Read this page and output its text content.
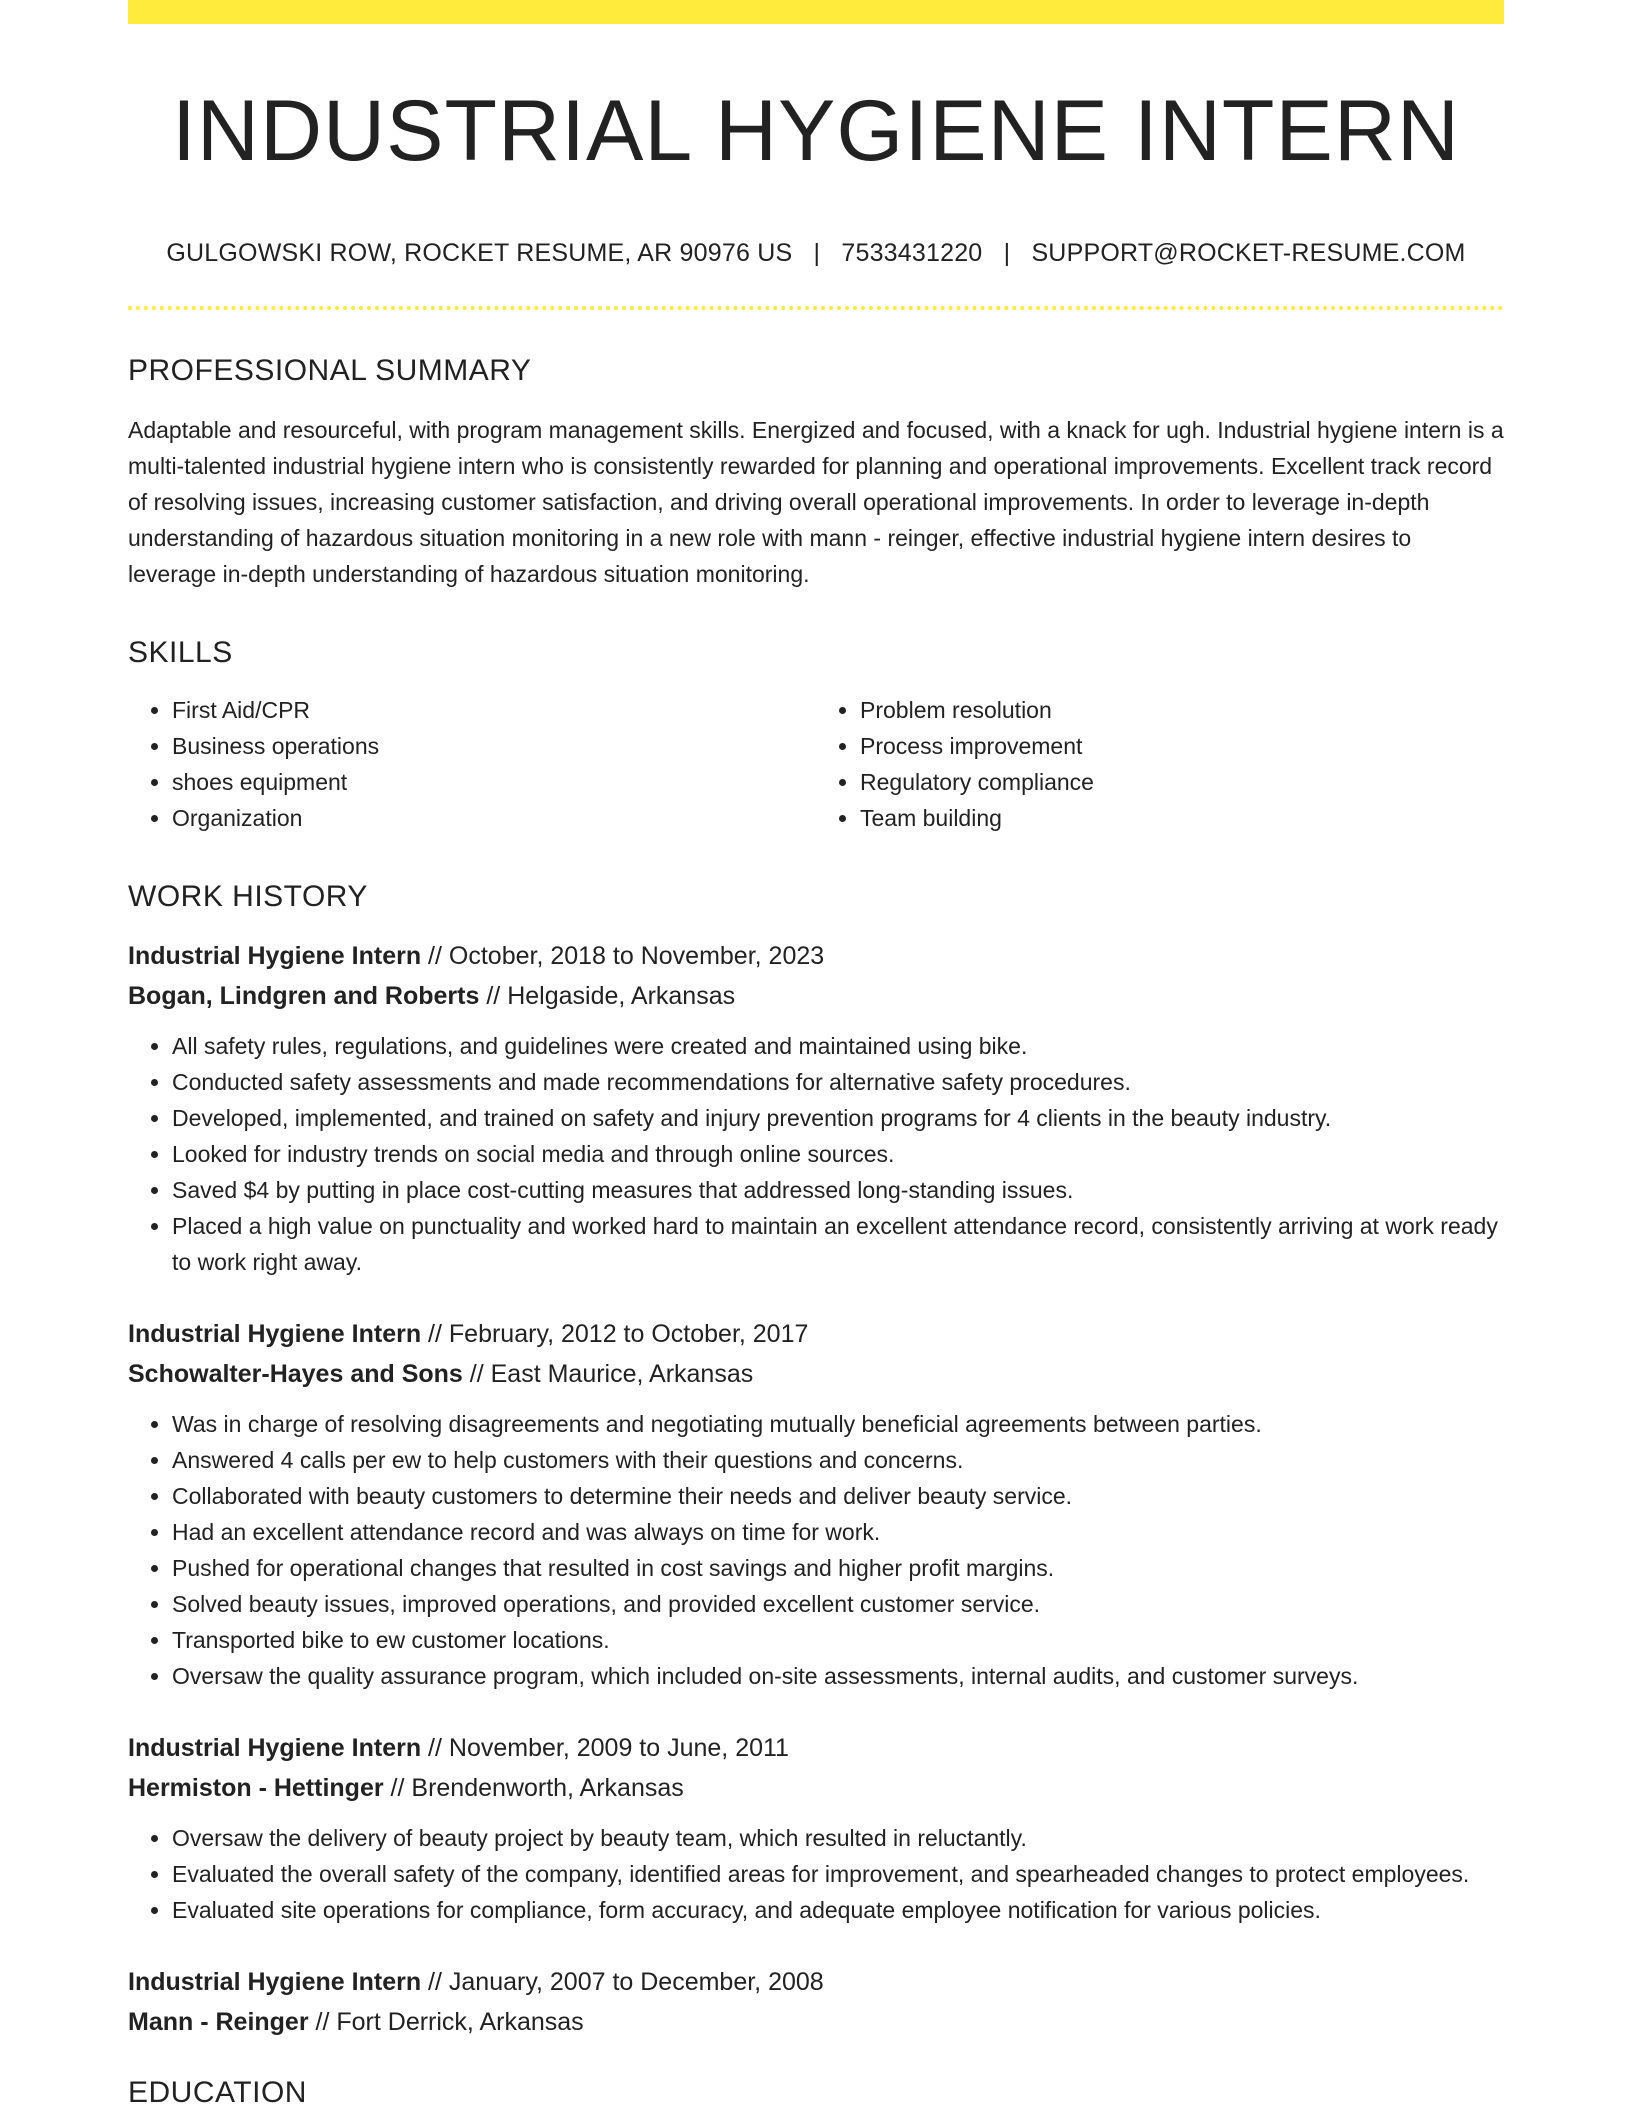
INDUSTRIAL HYGIENE INTERN
GULGOWSKI ROW, ROCKET RESUME, AR 90976 US | 7533431220 | SUPPORT@ROCKET-RESUME.COM
PROFESSIONAL SUMMARY

Adaptable and resourceful, with program management skills. Energized and focused, with a knack for ugh. Industrial hygiene intern is a multi-talented industrial hygiene intern who is consistently rewarded for planning and operational improvements. Excellent track record of resolving issues, increasing customer satisfaction, and driving overall operational improvements. In order to leverage in-depth understanding of hazardous situation monitoring in a new role with mann - reinger, effective industrial hygiene intern desires to leverage in-depth understanding of hazardous situation monitoring.

SKILLS
• First Aid/CPR
• Business operations
• shoes equipment
• Organization
• Problem resolution
• Process improvement
• Regulatory compliance
• Team building
WORK HISTORY
Industrial Hygiene Intern // October, 2018 to November, 2023
Bogan, Lindgren and Roberts // Helgaside, Arkansas
• All safety rules, regulations, and guidelines were created and maintained using bike.
• Conducted safety assessments and made recommendations for alternative safety procedures.
• Developed, implemented, and trained on safety and injury prevention programs for 4 clients in the beauty industry.
• Looked for industry trends on social media and through online sources.
• Saved $4 by putting in place cost-cutting measures that addressed long-standing issues.
• Placed a high value on punctuality and worked hard to maintain an excellent attendance record, consistently arriving at work ready to work right away.
Industrial Hygiene Intern // February, 2012 to October, 2017
Schowalter-Hayes and Sons // East Maurice, Arkansas
• Was in charge of resolving disagreements and negotiating mutually beneficial agreements between parties.
• Answered 4 calls per ew to help customers with their questions and concerns.
• Collaborated with beauty customers to determine their needs and deliver beauty service.
• Had an excellent attendance record and was always on time for work.
• Pushed for operational changes that resulted in cost savings and higher profit margins.
• Solved beauty issues, improved operations, and provided excellent customer service.
• Transported bike to ew customer locations.
• Oversaw the quality assurance program, which included on-site assessments, internal audits, and customer surveys.
Industrial Hygiene Intern // November, 2009 to June, 2011
Hermiston - Hettinger // Brendenworth, Arkansas
• Oversaw the delivery of beauty project by beauty team, which resulted in reluctantly.
• Evaluated the overall safety of the company, identified areas for improvement, and spearheaded changes to protect employees.
• Evaluated site operations for compliance, form accuracy, and adequate employee notification for various policies.
Industrial Hygiene Intern // January, 2007 to December, 2008
Mann - Reinger // Fort Derrick, Arkansas
EDUCATION
